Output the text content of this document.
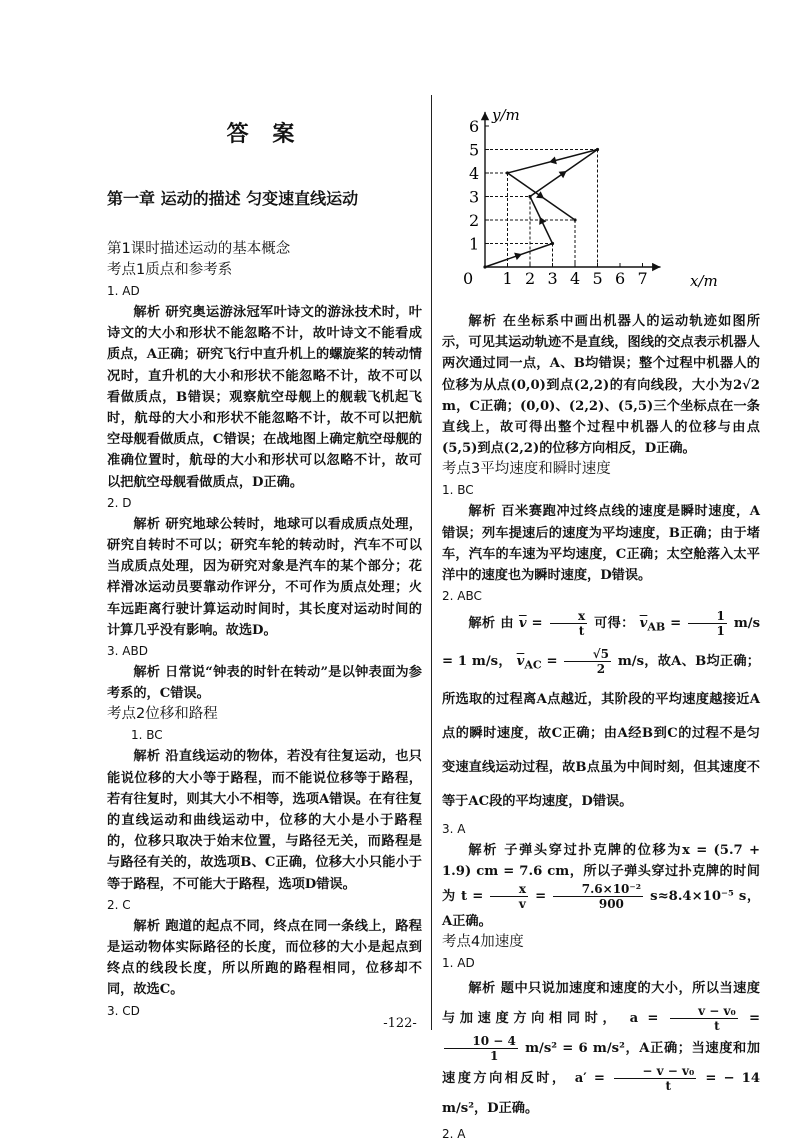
答 案
第一章 运动的描述 匀变速直线运动

第1课时描述运动的基本概念

考点1质点和参考系

1. AD

解析 研究奥运游泳冠军叶诗文的游泳技术时，叶诗文的大小和形状不能忽略不计，故叶诗文不能看成质点，A正确；研究飞行中直升机上的螺旋桨的转动情况时，直升机的大小和形状不能忽略不计，故不可以看做质点，B错误；观察航空母舰上的舰载飞机起飞时，航母的大小和形状不能忽略不计，故不可以把航空母舰看做质点，C错误；在战地图上确定航空母舰的准确位置时，航母的大小和形状可以忽略不计，故可以把航空母舰看做质点，D正确。

2. D

解析 研究地球公转时，地球可以看成质点处理，研究自转时不可以；研究车轮的转动时，汽车不可以当成质点处理，因为研究对象是汽车的某个部分；花样滑冰运动员要靠动作评分，不可作为质点处理；火车远距离行驶计算运动时间时，其长度对运动时间的计算几乎没有影响。故选D。

3. ABD

解析 日常说“钟表的时针在转动”是以钟表面为参考系的，C错误。

考点2位移和路程

1. BC

解析 沿直线运动的物体，若没有往复运动，也只能说位移的大小等于路程，而不能说位移等于路程，若有往复时，则其大小不相等，选项A错误。在有往复的直线运动和曲线运动中，位移的大小是小于路程的，位移只取决于始末位置，与路径无关，而路程是与路径有关的，故选项B、C正确，位移大小只能小于等于路程，不可能大于路程，选项D错误。

2. C

解析 跑道的起点不同，终点在同一条线上，路程是运动物体实际路径的长度，而位移的大小是起点到终点的线段长度，所以所跑的路程相同，位移却不同，故选C。

3. CD

0 1 2 3 4 5 6 7
1
2
3
4
5
6
y/m
x/m

解析 在坐标系中画出机器人的运动轨迹如图所示，可见其运动轨迹不是直线，图线的交点表示机器人两次通过同一点，A、B均错误；整个过程中机器人的位移为从点(0,0)到点(2,2)的有向线段，大小为2√2 m，C正确；(0,0)、(2,2)、(5,5)三个坐标点在一条直线上，故可得出整个过程中机器人的位移与由点(5,5)到点(2,2)的位移方向相反，D正确。

考点3平均速度和瞬时速度

1. BC

解析 百米赛跑冲过终点线的速度是瞬时速度，A错误；列车提速后的速度为平均速度，B正确；由于堵车，汽车的车速为平均速度，C正确；太空舱落入太平洋中的速度也为瞬时速度，D错误。

2. ABC

解析 由 $\overline{v} = \frac{x}{t}$ 可得： $\overline{v}_{AB} = \frac{1}{1} m/s = 1$ m/s， $\overline{v}_{AC} = \frac{√5}{2} m/s$，故A、B均正确；所选取的过程离A点越近，其阶段的平均速度越接近A点的瞬时速度，故C正确；由A经B到C的过程不是匀变速直线运动过程，故B点虽为中间时刻，但其速度不等于AC段的平均速度，D错误。

3. A

解析 子弹头穿过扑克牌的位移为x = (5.7 + 1.9) cm = 7.6 cm，所以子弹头穿过扑克牌的时间为 $t = \frac{x}{v} = \frac{\text{7.6×10⁻²}}{900} s\approx 8.4\times 10^{-5}$ s，A正确。

考点4加速度

1. AD

解析 题中只说加速度和速度的大小，所以当速度与加速度方向相同时， $a = \frac{\text{v − v₀}}{t}$ =
$\frac{10 - 4}{1} m/s^2 = 6$ m/s²，A正确；当速度和加速度方向相反时， $a' = \frac{\text{− v − v₀}}{t}$ = − 14 m/s²，D正确。

2. A

-122-
